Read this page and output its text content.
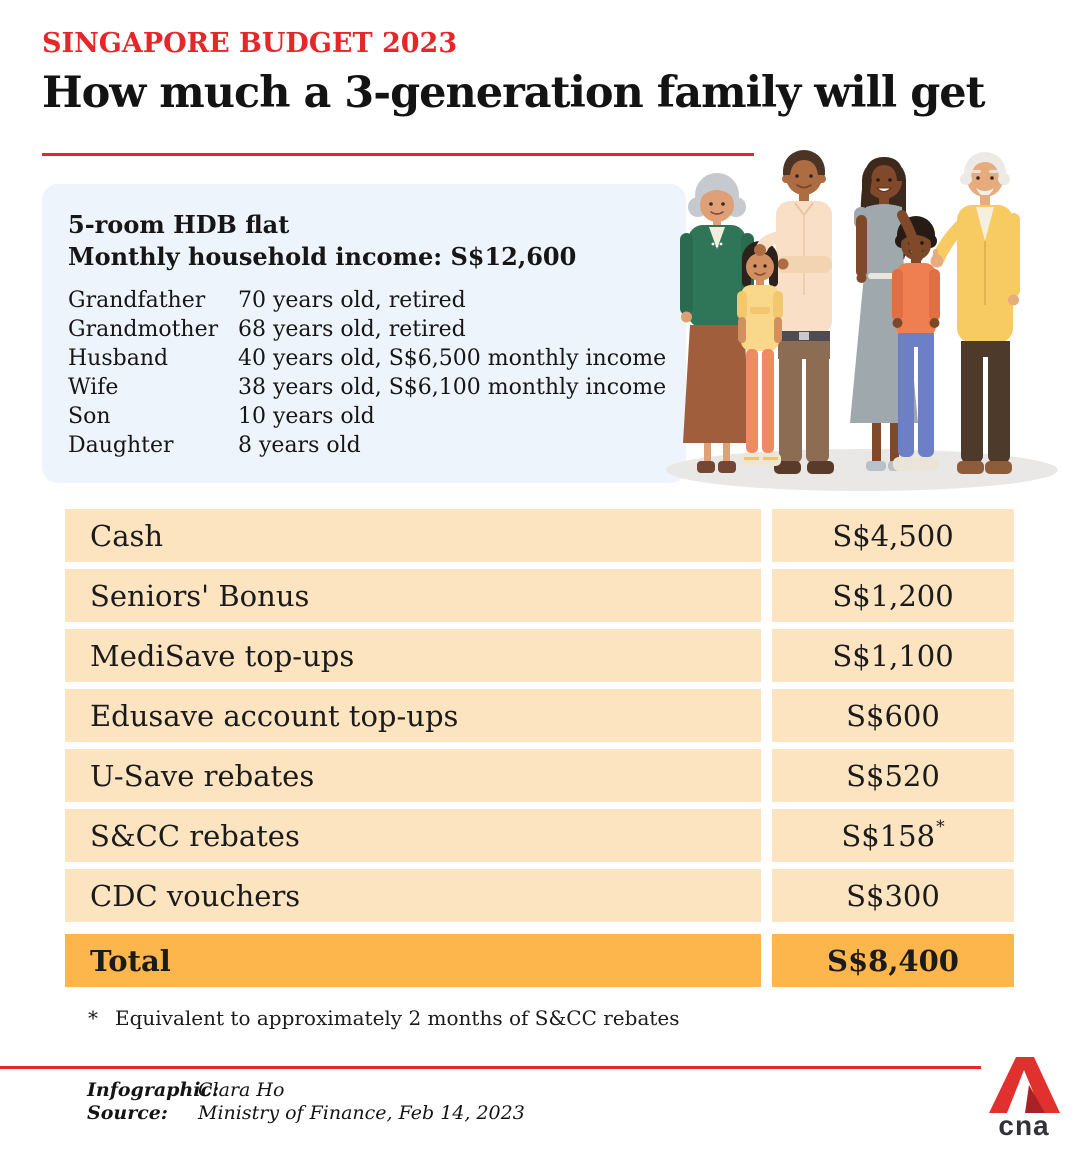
SINGAPORE BUDGET 2023
How much a 3-generation family will get
5-room HDB flat
Monthly household income: S$12,600
Grandfather	70 years old, retired
Grandmother 68 years old, retired
Husband	40 years old, S$6,500 monthly income
Wife	38 years old, S$6,100 monthly income
Son	10 years old
Daughter	8 years old
Cash	S$4,500
Seniors' Bonus	S$1,200
MediSave top-ups	S$1,100
Edusave account top-ups	S$600
U-Save rebates	S$520
S&CC rebates	S$158 *
CDC vouchers	S$300
Total	S$8,400
* Equivalent to approximately 2 months of S&CC rebates
Infographic:
Clara Ho
Source:	Ministry of Finance, Feb 14, 2023	cna
